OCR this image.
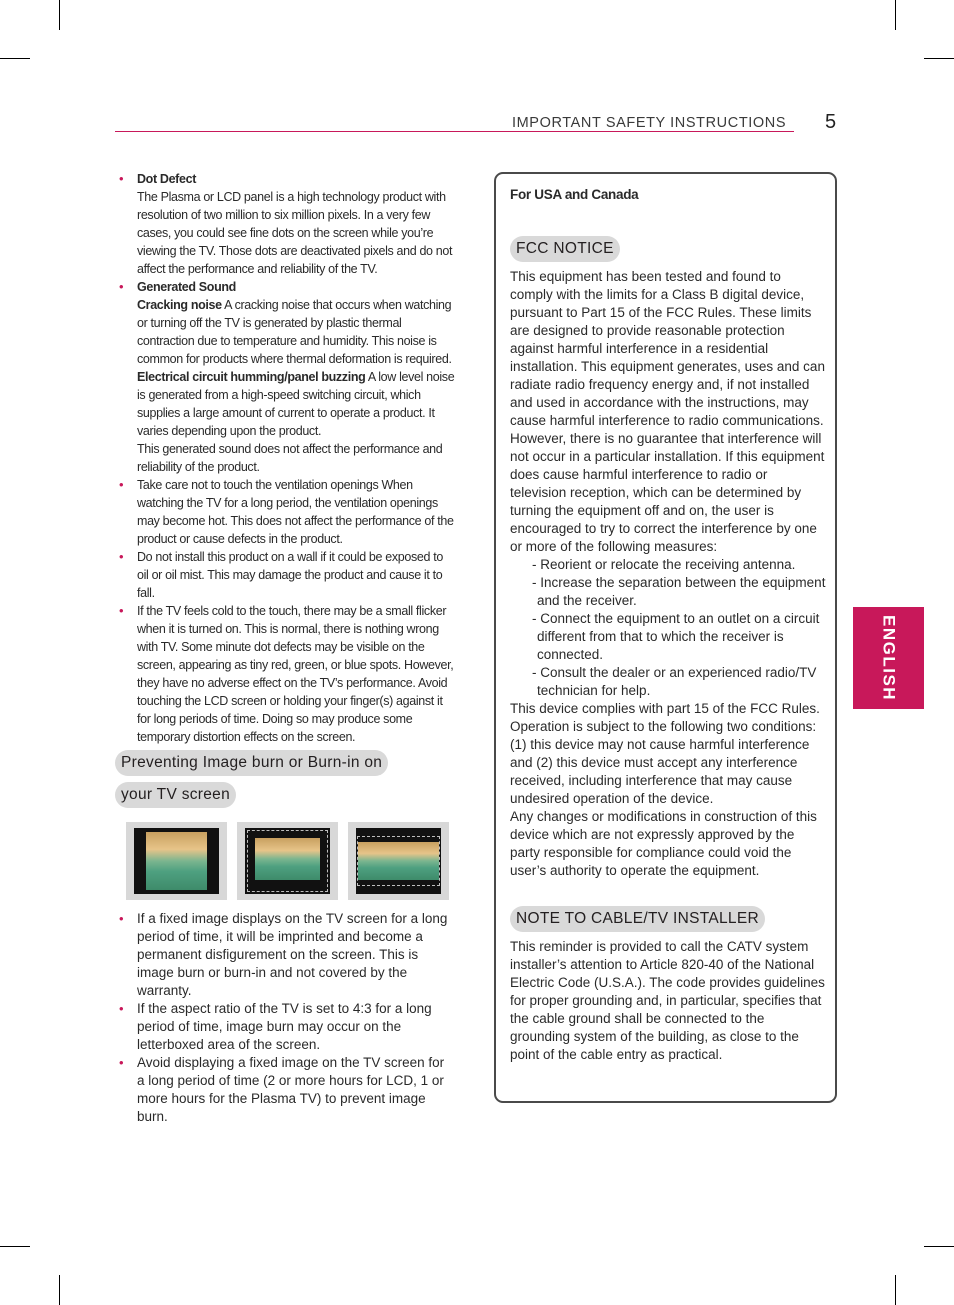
IMPORTANT SAFETY INSTRUCTIONS 5
ENGLISH
• Dot Defect
The Plasma or LCD panel is a high technology product with resolution of two million to six million pixels. In a very few cases, you could see fine dots on the screen while you’re viewing the TV. Those dots are deactivated pixels and do not affect the performance and reliability of the TV.
• Generated Sound
Cracking noise A cracking noise that occurs when watching or turning off the TV is generated by plastic thermal contraction due to temperature and humidity. This noise is common for products where thermal deformation is required.
Electrical circuit humming/panel buzzing A low level noise is generated from a high-speed switching circuit, which supplies a large amount of current to operate a product. It varies depending upon the product.
This generated sound does not affect the performance and reliability of the product.
• Take care not to touch the ventilation openings When watching the TV for a long period, the ventilation openings may become hot. This does not affect the performance of the product or cause defects in the product.
• Do not install this product on a wall if it could be exposed to oil or oil mist. This may damage the product and cause it to fall.
• If the TV feels cold to the touch, there may be a small flicker when it is turned on. This is normal, there is nothing wrong with TV. Some minute dot defects may be visible on the screen, appearing as tiny red, green, or blue spots. However, they have no adverse effect on the TV’s performance. Avoid touching the LCD screen or holding your finger(s) against it for long periods of time. Doing so may produce some temporary distortion effects on the screen.
Preventing Image burn or Burn-in on
your TV screen
• If a fixed image displays on the TV screen for a long period of time, it will be imprinted and become a permanent disfigurement on the screen. This is image burn or burn-in and not covered by the warranty.
• If the aspect ratio of the TV is set to 4:3 for a long period of time, image burn may occur on the letterboxed area of the screen.
• Avoid displaying a fixed image on the TV screen for a long period of time (2 or more hours for LCD, 1 or more hours for the Plasma TV) to prevent image burn.
For USA and Canada
FCC NOTICE
This equipment has been tested and found to comply with the limits for a Class B digital device, pursuant to Part 15 of the FCC Rules. These limits are designed to provide reasonable protection against harmful interference in a residential installation. This equipment generates, uses and can radiate radio frequency energy and, if not installed and used in accordance with the instructions, may cause harmful interference to radio communications. However, there is no guarantee that interference will not occur in a particular installation. If this equipment does cause harmful interference to radio or television reception, which can be determined by turning the equipment off and on, the user is encouraged to try to correct the interference by one or more of the following measures:
- Reorient or relocate the receiving antenna.
- Increase the separation between the equipment and the receiver.
- Connect the equipment to an outlet on a circuit different from that to which the receiver is connected.
- Consult the dealer or an experienced radio/TV technician for help.
This device complies with part 15 of the FCC Rules. Operation is subject to the following two conditions: (1) this device may not cause harmful interference and (2) this device must accept any interference received, including interference that may cause undesired operation of the device.
Any changes or modifications in construction of this device which are not expressly approved by the party responsible for compliance could void the user’s authority to operate the equipment.
NOTE TO CABLE/TV INSTALLER
This reminder is provided to call the CATV system installer’s attention to Article 820-40 of the National Electric Code (U.S.A.). The code provides guidelines for proper grounding and, in particular, specifies that the cable ground shall be connected to the grounding system of the building, as close to the point of the cable entry as practical.
